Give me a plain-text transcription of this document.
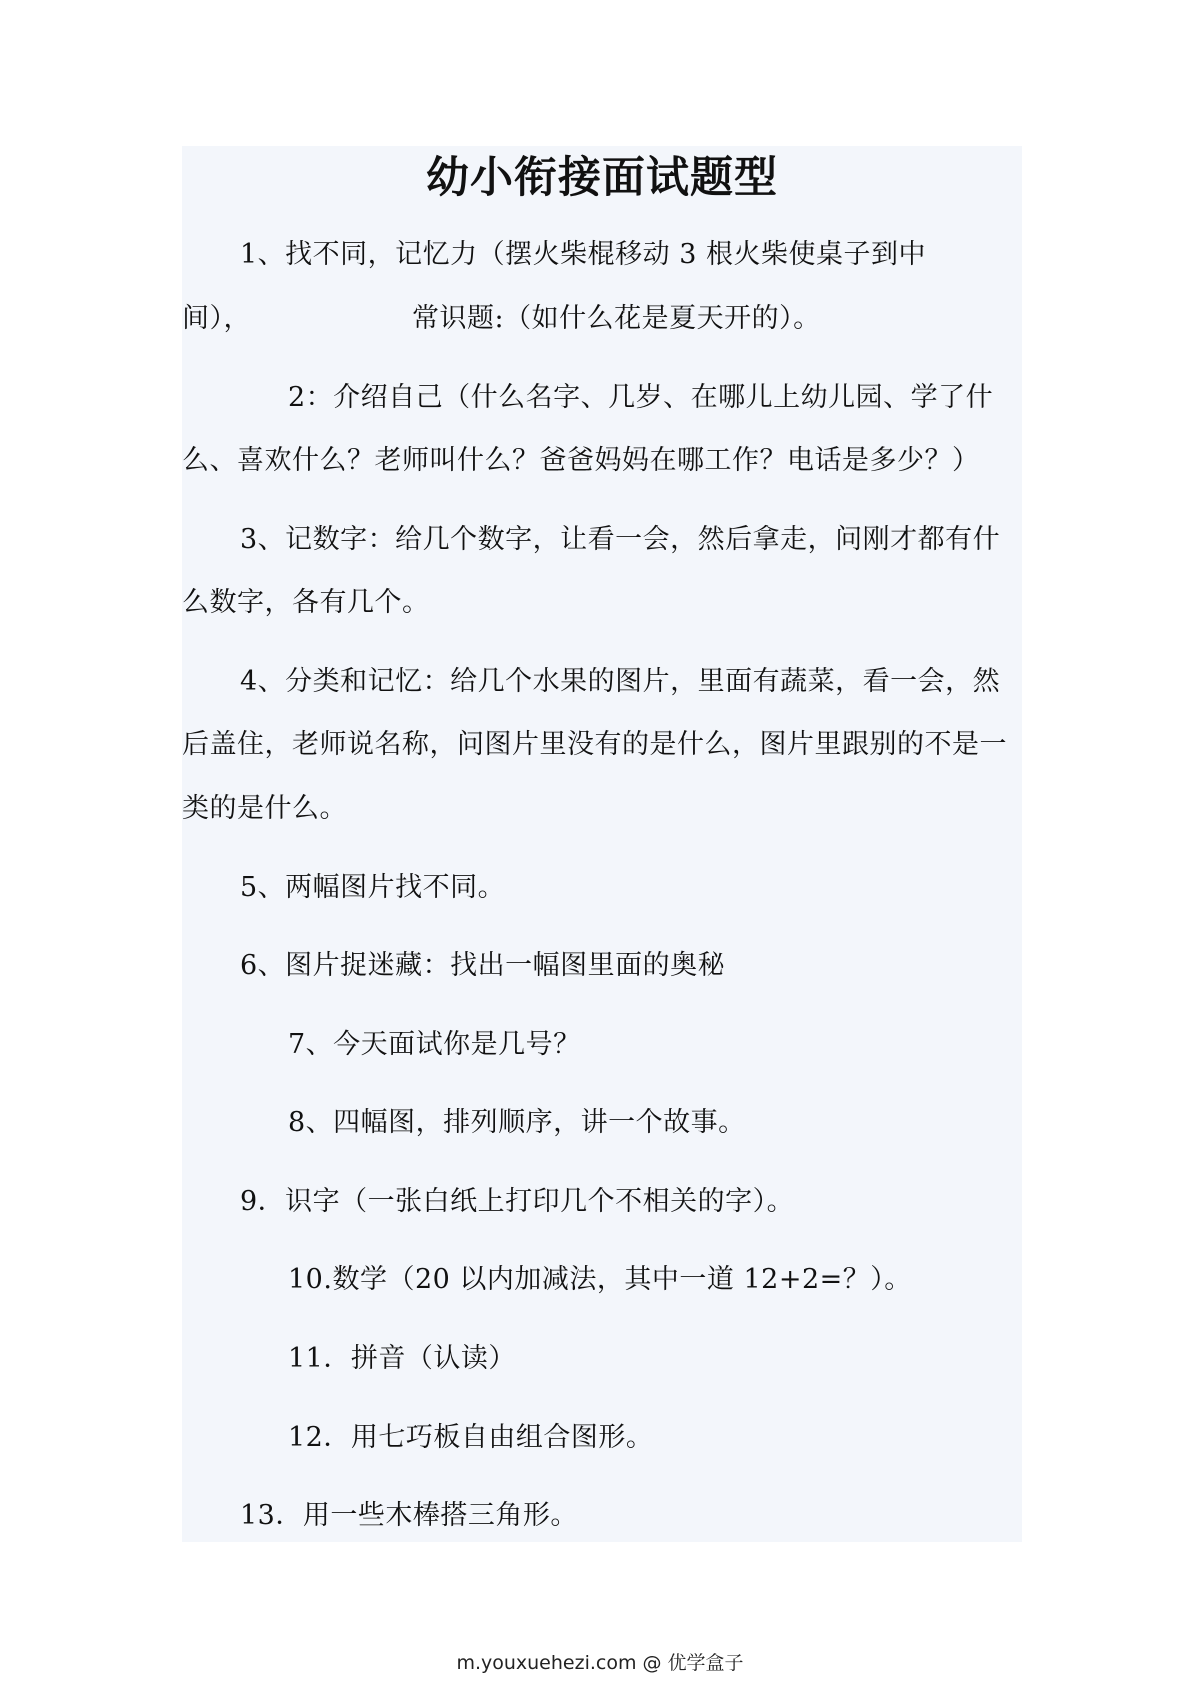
幼小衔接面试题型
1、找不同，记忆力（摆火柴棍移动 3 根火柴使桌子到中
间），	常识题:（如什么花是夏天开的）。
2：介绍自己（什么名字、几岁、在哪儿上幼儿园、学了什
么、喜欢什么？老师叫什么？爸爸妈妈在哪工作？电话是多少？）
3、记数字：给几个数字，让看一会，然后拿走，问刚才都有什
么数字，各有几个。
4、分类和记忆：给几个水果的图片，里面有蔬菜，看一会，然
后盖住，老师说名称，问图片里没有的是什么，图片里跟别的不是一
类的是什么。
5、两幅图片找不同。
6、图片捉迷藏：找出一幅图里面的奥秘
7、今天面试你是几号？
8、四幅图，排列顺序，讲一个故事。
9．识字（一张白纸上打印几个不相关的字）。
10.数学（20 以内加减法，其中一道 12+2=？）。
11．拼音（认读）
12．用七巧板自由组合图形。
13．用一些木棒搭三角形。
m.youxuehezi.com @ 优学盒子
